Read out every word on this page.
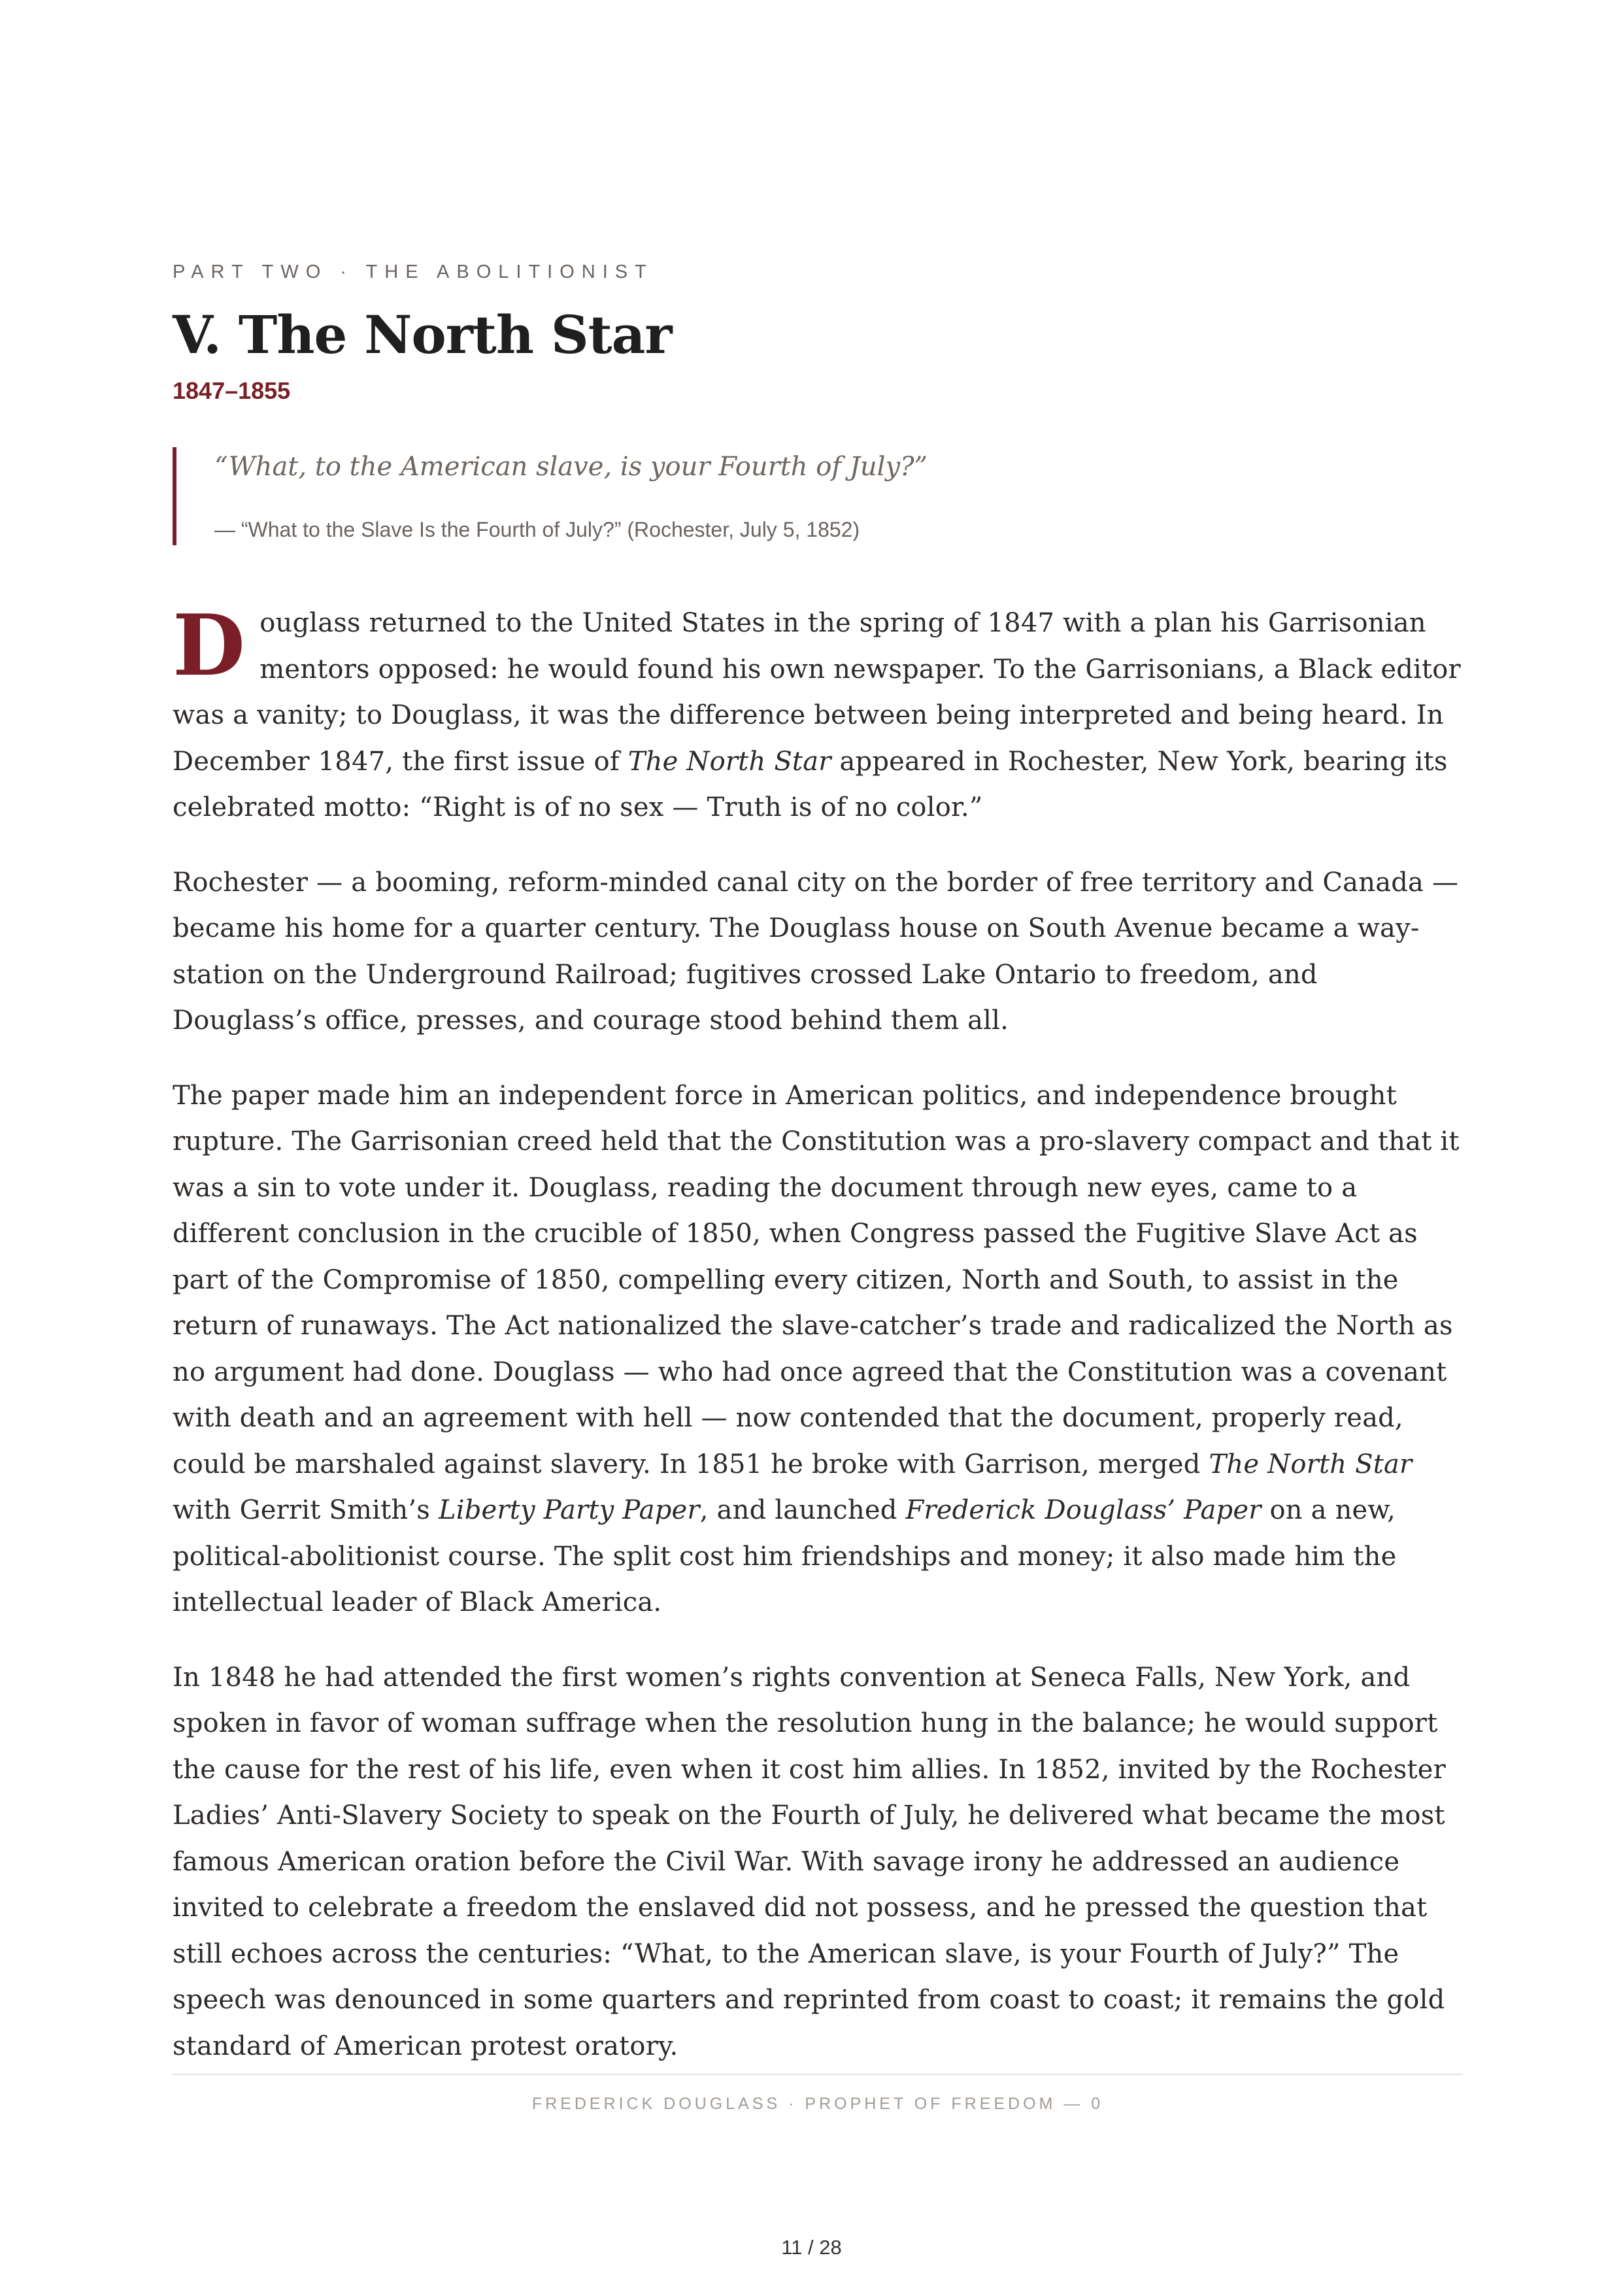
PART TWO · THE ABOLITIONIST

V. The North Star

1847–1855

“What, to the American slave, is your Fourth of July?”

— “What to the Slave Is the Fourth of July?” (Rochester, July 5, 1852)

Douglass returned to the United States in the spring of 1847 with a plan his Garrisonian mentors opposed: he would found his own newspaper. To the Garrisonians, a Black editor was a vanity; to Douglass, it was the difference between being interpreted and being heard. In December 1847, the first issue of The North Star appeared in Rochester, New York, bearing its celebrated motto: “Right is of no sex — Truth is of no color.”

Rochester — a booming, reform-minded canal city on the border of free territory and Canada — became his home for a quarter century. The Douglass house on South Avenue became a way-station on the Underground Railroad; fugitives crossed Lake Ontario to freedom, and Douglass’s office, presses, and courage stood behind them all.

The paper made him an independent force in American politics, and independence brought rupture. The Garrisonian creed held that the Constitution was a pro-slavery compact and that it was a sin to vote under it. Douglass, reading the document through new eyes, came to a different conclusion in the crucible of 1850, when Congress passed the Fugitive Slave Act as part of the Compromise of 1850, compelling every citizen, North and South, to assist in the return of runaways. The Act nationalized the slave-catcher’s trade and radicalized the North as no argument had done. Douglass — who had once agreed that the Constitution was a covenant with death and an agreement with hell — now contended that the document, properly read, could be marshaled against slavery. In 1851 he broke with Garrison, merged The North Star with Gerrit Smith’s Liberty Party Paper, and launched Frederick Douglass’ Paper on a new, political-abolitionist course. The split cost him friendships and money; it also made him the intellectual leader of Black America.

In 1848 he had attended the first women’s rights convention at Seneca Falls, New York, and spoken in favor of woman suffrage when the resolution hung in the balance; he would support the cause for the rest of his life, even when it cost him allies. In 1852, invited by the Rochester Ladies’ Anti-Slavery Society to speak on the Fourth of July, he delivered what became the most famous American oration before the Civil War. With savage irony he addressed an audience invited to celebrate a freedom the enslaved did not possess, and he pressed the question that still echoes across the centuries: “What, to the American slave, is your Fourth of July?” The speech was denounced in some quarters and reprinted from coast to coast; it remains the gold standard of American protest oratory.

FREDERICK DOUGLASS · PROPHET OF FREEDOM — 0
11 / 28
